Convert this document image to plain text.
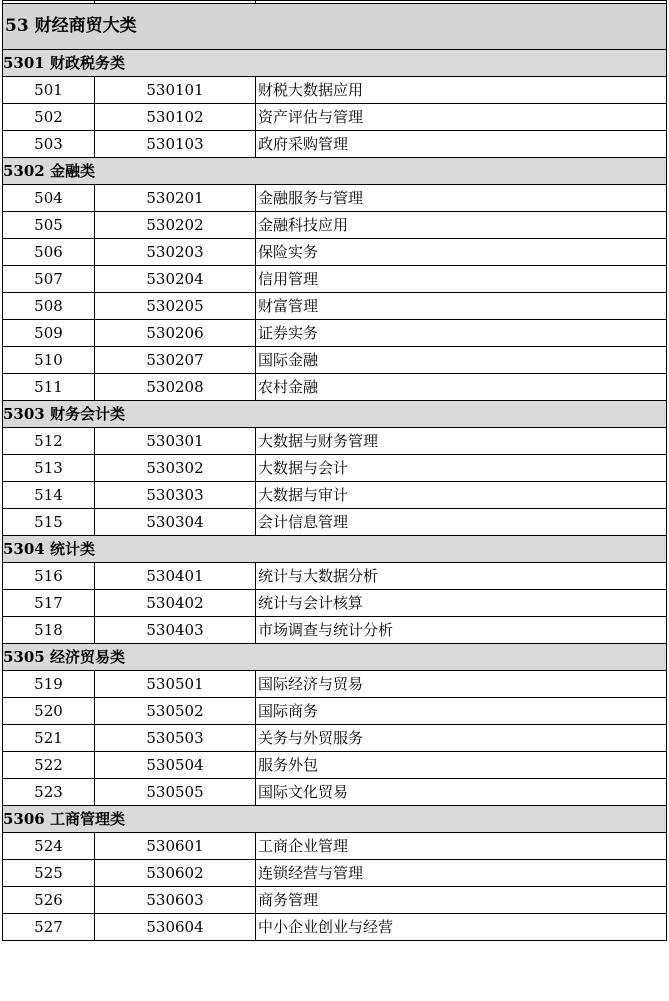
53 财经商贸大类		
5301 财政税务类		
501	530101	财税大数据应用
502	530102	资产评估与管理
503	530103	政府采购管理
5302 金融类		
504	530201	金融服务与管理
505	530202	金融科技应用
506	530203	保险实务
507	530204	信用管理
508	530205	财富管理
509	530206	证券实务
510	530207	国际金融
511	530208	农村金融
5303 财务会计类		
512	530301	大数据与财务管理
513	530302	大数据与会计
514	530303	大数据与审计
515	530304	会计信息管理
5304 统计类		
516	530401	统计与大数据分析
517	530402	统计与会计核算
518	530403	市场调查与统计分析
5305 经济贸易类		
519	530501	国际经济与贸易
520	530502	国际商务
521	530503	关务与外贸服务
522	530504	服务外包
523	530505	国际文化贸易
5306 工商管理类		
524	530601	工商企业管理
525	530602	连锁经营与管理
526	530603	商务管理
527	530604	中小企业创业与经营
